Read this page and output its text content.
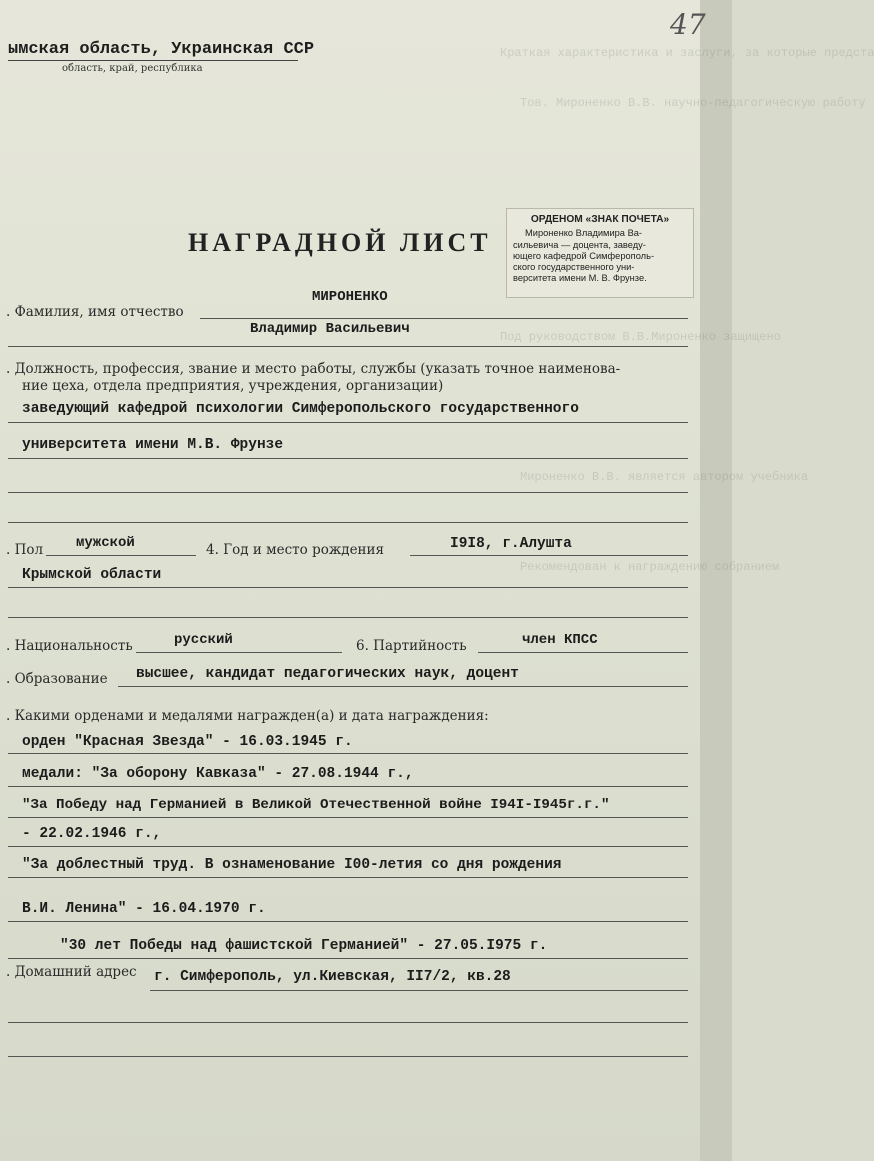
Краткая характеристика и заслуги, за которые предста
Тов. Мироненко В.В. научно-педагогическую работу
Под руководством В.В.Мироненко защищено
Мироненко В.В. является автором учебника
Рекомендован к награждению собранием
47
ымская область, Украинская ССР
область, край, республика
НАГРАДНОЙ ЛИСТ
ОРДЕНОМ «ЗНАК ПОЧЕТА»
Мироненко Владимира Ва-
сильевича — доцента, заведу-
ющего кафедрой Симферополь-
ского государственного уни-
верситета имени М. В. Фрунзе.
. Фамилия, имя отчество
МИРОНЕНКО
Владимир Васильевич
. Должность, профессия, звание и место работы, службы (указать точное наименова-
ние цеха, отдела предприятия, учреждения, организации)
заведующий кафедрой психологии Симферопольского государственного
университета имени М.В. Фрунзе
. Пол мужской	4. Год и место рождения	I9I8, г.Алушта
Крымской области
. Национальность	русский	6. Партийность	член КПСС
. Образование высшее, кандидат педагогических наук, доцент
. Какими орденами и медалями награжден(а) и дата награждения:
орден "Красная Звезда" - 16.03.1945 г.
медали: "За оборону Кавказа" - 27.08.1944 г.,
"За Победу над Германией в Великой Отечественной войне I94I-I945г.г."
- 22.02.1946 г.,
"За доблестный труд. В ознаменование I00-летия со дня рождения
В.И. Ленина" - 16.04.1970 г.
"30 лет Победы над фашистской Германией" - 27.05.I975 г.
. Домашний адрес г. Симферополь, ул.Киевская, II7/2, кв.28
